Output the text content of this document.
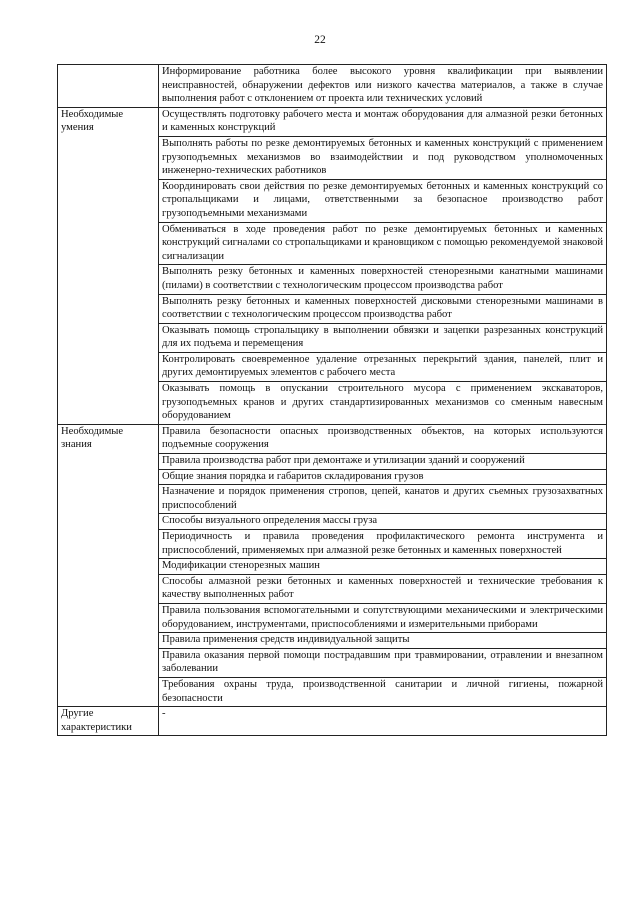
22
	Информирование работника более высокого уровня квалификации при выявлении неисправностей, обнаружении дефектов или низкого качества материалов, а также в случае выполнения работ с отклонением от проекта или технических условий
Необходимые умения	Осуществлять подготовку рабочего места и монтаж оборудования для алмазной резки бетонных и каменных конструкций
	Выполнять работы по резке демонтируемых бетонных и каменных конструкций с применением грузоподъемных механизмов во взаимодействии и под руководством уполномоченных инженерно-технических работников
	Координировать свои действия по резке демонтируемых бетонных и каменных конструкций со стропальщиками и лицами, ответственными за безопасное производство работ грузоподъемными механизмами
	Обмениваться в ходе проведения работ по резке демонтируемых бетонных и каменных конструкций сигналами со стропальщиками и крановщиком с помощью рекомендуемой знаковой сигнализации
	Выполнять резку бетонных и каменных поверхностей стенорезными канатными машинами (пилами) в соответствии с технологическим процессом производства работ
	Выполнять резку бетонных и каменных поверхностей дисковыми стенорезными машинами в соответствии с технологическим процессом производства работ
	Оказывать помощь стропальщику в выполнении обвязки и зацепки разрезанных конструкций для их подъема и перемещения
	Контролировать своевременное удаление отрезанных перекрытий здания, панелей, плит и других демонтируемых элементов с рабочего места
	Оказывать помощь в опускании строительного мусора с применением экскаваторов, грузоподъемных кранов и других стандартизированных механизмов со сменным навесным оборудованием
Необходимые знания	Правила безопасности опасных производственных объектов, на которых используются подъемные сооружения
	Правила производства работ при демонтаже и утилизации зданий и сооружений
	Общие знания порядка и габаритов складирования грузов
	Назначение и порядок применения стропов, цепей, канатов и других съемных грузозахватных приспособлений
	Способы визуального определения массы груза
	Периодичность и правила проведения профилактического ремонта инструмента и приспособлений, применяемых при алмазной резке бетонных и каменных поверхностей
	Модификации стенорезных машин
	Способы алмазной резки бетонных и каменных поверхностей и технические требования к качеству выполненных работ
	Правила пользования вспомогательными и сопутствующими механическими и электрическими оборудованием, инструментами, приспособлениями и измерительными приборами
	Правила применения средств индивидуальной защиты
	Правила оказания первой помощи пострадавшим при травмировании, отравлении и внезапном заболевании
	Требования охраны труда, производственной санитарии и личной гигиены, пожарной безопасности
Другие характеристики	-
